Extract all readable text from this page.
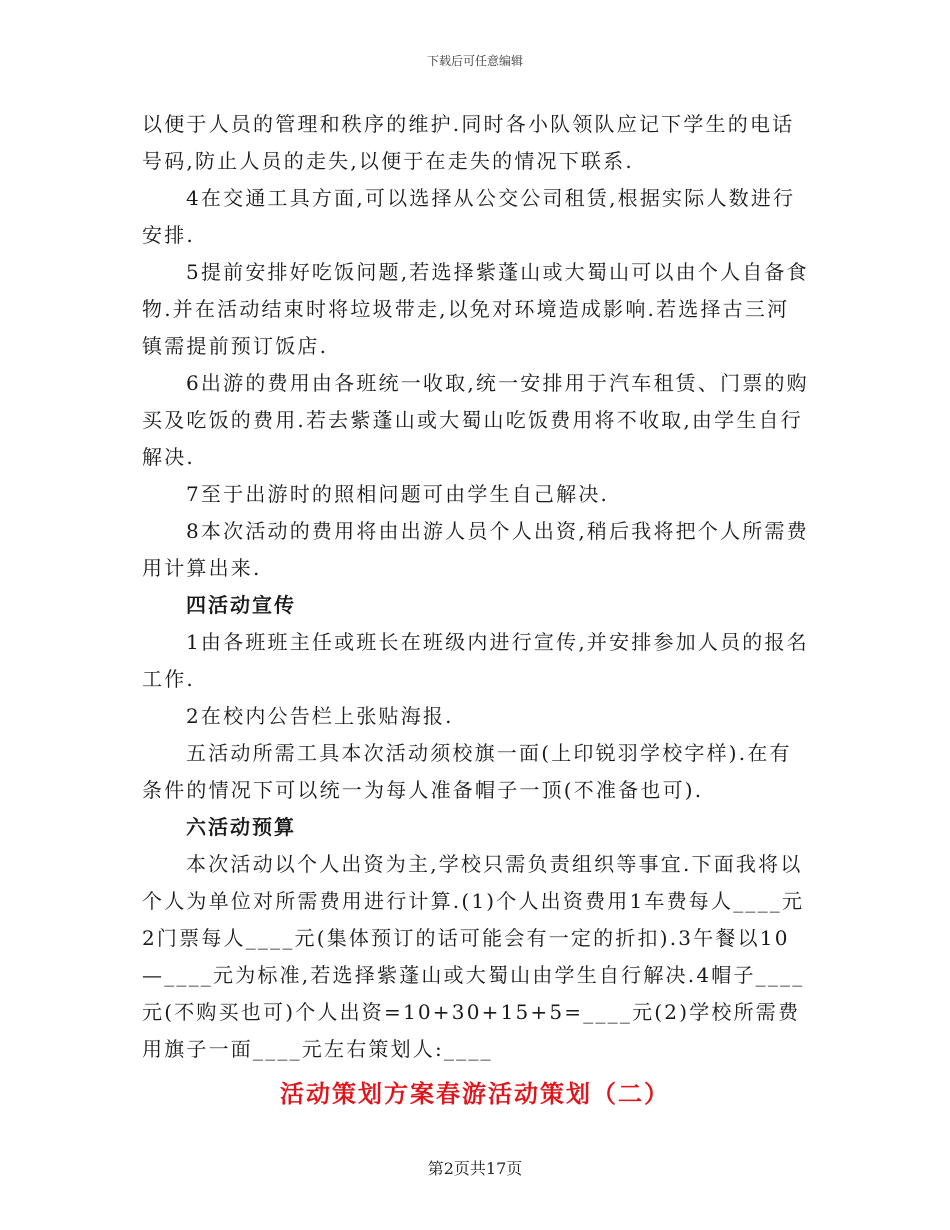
下载后可任意编辑

以便于人员的管理和秩序的维护.同时各小队领队应记下学生的电话号码,防止人员的走失,以便于在走失的情况下联系.

4在交通工具方面,可以选择从公交公司租赁,根据实际人数进行安排.

5提前安排好吃饭问题,若选择紫蓬山或大蜀山可以由个人自备食物.并在活动结束时将垃圾带走,以免对环境造成影响.若选择古三河镇需提前预订饭店.

6出游的费用由各班统一收取,统一安排用于汽车租赁、门票的购买及吃饭的费用.若去紫蓬山或大蜀山吃饭费用将不收取,由学生自行解决.

7至于出游时的照相问题可由学生自己解决.

8本次活动的费用将由出游人员个人出资,稍后我将把个人所需费用计算出来.

四活动宣传

1由各班班主任或班长在班级内进行宣传,并安排参加人员的报名工作.

2在校内公告栏上张贴海报.

五活动所需工具本次活动须校旗一面(上印锐羽学校字样).在有条件的情况下可以统一为每人准备帽子一顶(不准备也可).

六活动预算

本次活动以个人出资为主,学校只需负责组织等事宜.下面我将以个人为单位对所需费用进行计算.(1)个人出资费用1车费每人____元2门票每人____元(集体预订的话可能会有一定的折扣).3午餐以10—____元为标准,若选择紫蓬山或大蜀山由学生自行解决.4帽子____元(不购买也可)个人出资=10+30+15+5=____元(2)学校所需费用旗子一面____元左右策划人:____

活动策划方案春游活动策划（二）
第2页共17页
